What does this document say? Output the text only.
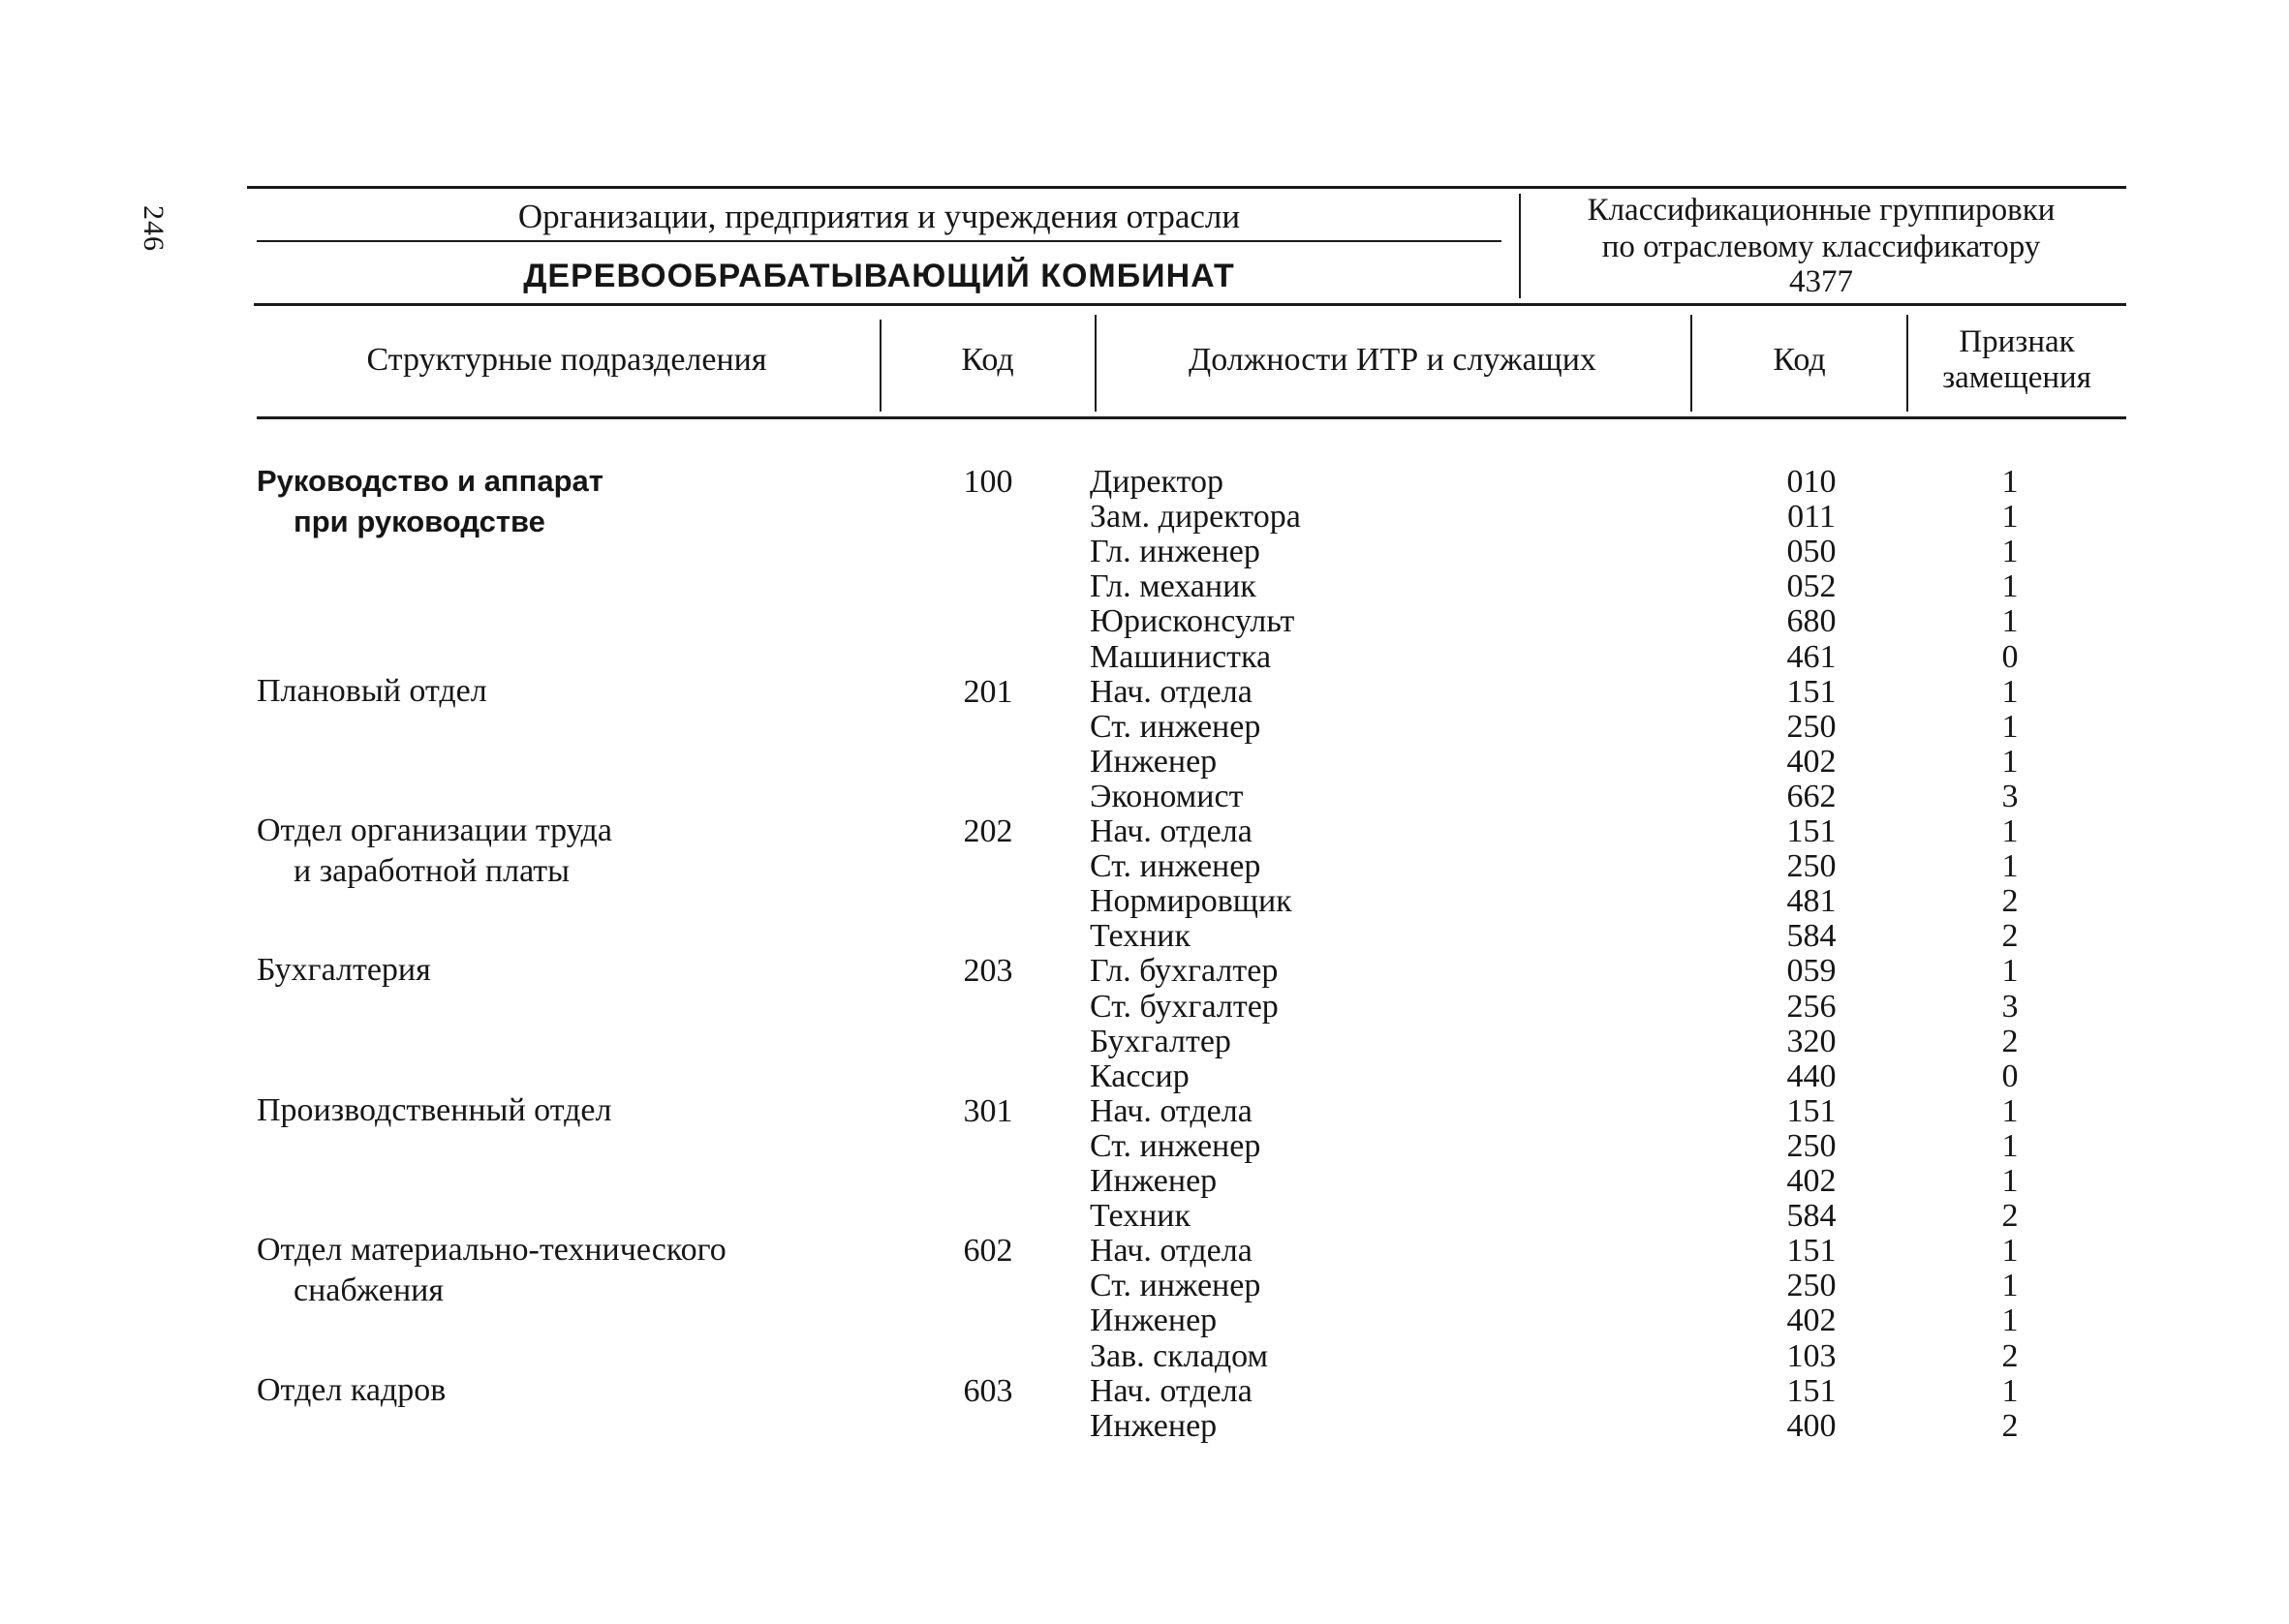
246	Организации, предприятия и учреждения отрасли
ДЕРЕВООБРАБАТЫВАЮЩИЙ КОМБИНАТ
Классификационные группировки
по отраслевому классификатору
4377
Структурные подразделения	Код	Должности ИТР и служащих	Код	Признак
замещения
Руководство и аппарат
при руководстве
100	Директор	010	1
Зам. директора	011	1
Гл. инженер	050	1
Гл. механик	052	1
Юрисконсульт	680	1
Машинистка	461	0
Плановый отдел	201	Нач. отдела	151	1
Ст. инженер	250	1
Инженер	402	1
Экономист	662	3
Отдел организации труда
и заработной платы
202	Нач. отдела	151	1
Ст. инженер	250	1
Нормировщик	481	2
Техник	584	2
Бухгалтерия	203	Гл. бухгалтер	059	1
Ст. бухгалтер	256	3
Бухгалтер	320	2
Кассир	440	0
Производственный отдел	301	Нач. отдела	151	1
Ст. инженер	250	1
Инженер	402	1
Техник	584	2
Отдел материально-технического
снабжения
602	Нач. отдела	151	1
Ст. инженер	250	1
Инженер	402	1
Зав. складом	103	2
Отдел кадров	603	Нач. отдела	151	1
Инженер	400	2
